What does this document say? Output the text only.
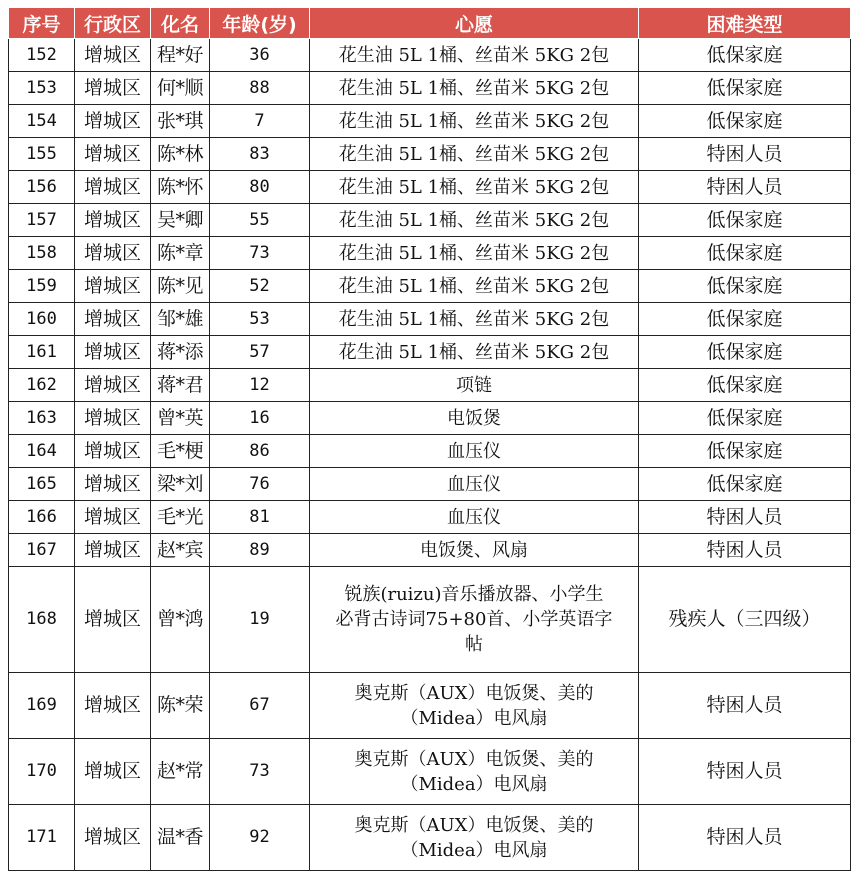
序号	行政区	化名	年龄(岁)	心愿	困难类型
152	增城区	程*好	36	花生油 5L 1桶、丝苗米 5KG 2包	低保家庭
153	增城区	何*顺	88	花生油 5L 1桶、丝苗米 5KG 2包	低保家庭
154	增城区	张*琪	7	花生油 5L 1桶、丝苗米 5KG 2包	低保家庭
155	增城区	陈*林	83	花生油 5L 1桶、丝苗米 5KG 2包	特困人员
156	增城区	陈*怀	80	花生油 5L 1桶、丝苗米 5KG 2包	特困人员
157	增城区	吴*卿	55	花生油 5L 1桶、丝苗米 5KG 2包	低保家庭
158	增城区	陈*章	73	花生油 5L 1桶、丝苗米 5KG 2包	低保家庭
159	增城区	陈*见	52	花生油 5L 1桶、丝苗米 5KG 2包	低保家庭
160	增城区	邹*雄	53	花生油 5L 1桶、丝苗米 5KG 2包	低保家庭
161	增城区	蒋*添	57	花生油 5L 1桶、丝苗米 5KG 2包	低保家庭
162	增城区	蒋*君	12	项链	低保家庭
163	增城区	曾*英	16	电饭煲	低保家庭
164	增城区	毛*梗	86	血压仪	低保家庭
165	增城区	梁*刘	76	血压仪	低保家庭
166	增城区	毛*光	81	血压仪	特困人员
167	增城区	赵*宾	89	电饭煲、风扇	特困人员
168	增城区	曾*鸿	19	锐族(ruizu)音乐播放器、小学生
必背古诗词75+80首、小学英语字
帖	残疾人（三四级）
169	增城区	陈*荣	67	奥克斯（AUX）电饭煲、美的
（Midea）电风扇	特困人员
170	增城区	赵*常	73	奥克斯（AUX）电饭煲、美的
（Midea）电风扇	特困人员
171	增城区	温*香	92	奥克斯（AUX）电饭煲、美的
（Midea）电风扇	特困人员
